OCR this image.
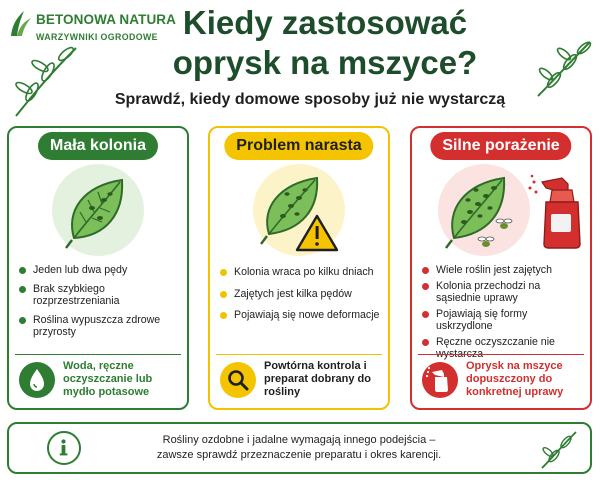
BETONOWA NATURA
WARZYWNIKI OGRODOWE Kiedy zastosować
oprysk na mszyce?
Sprawdź, kiedy domowe sposoby już nie wystarczą
Mała kolonia
Jeden lub dwa pędy
Brak szybkiego rozprzestrzeniania
Roślina wypuszcza zdrowe przyrosty
Woda, ręczne oczyszczanie lub mydło potasowe
Problem narasta
Kolonia wraca po kilku dniach
Zajętych jest kilka pędów
Pojawiają się nowe deformacje
Powtórna kontrola i preparat dobrany do rośliny
Silne porażenie
Wiele roślin jest zajętych
Kolonia przechodzi na sąsiednie uprawy
Pojawiają się formy uskrzydlone
Ręczne oczyszczanie nie wystarcza
Oprysk na mszyce dopuszczony do konkretnej uprawy
Rośliny ozdobne i jadalne wymagają innego podejścia –
zawsze sprawdź przeznaczenie preparatu i okres karencji.
